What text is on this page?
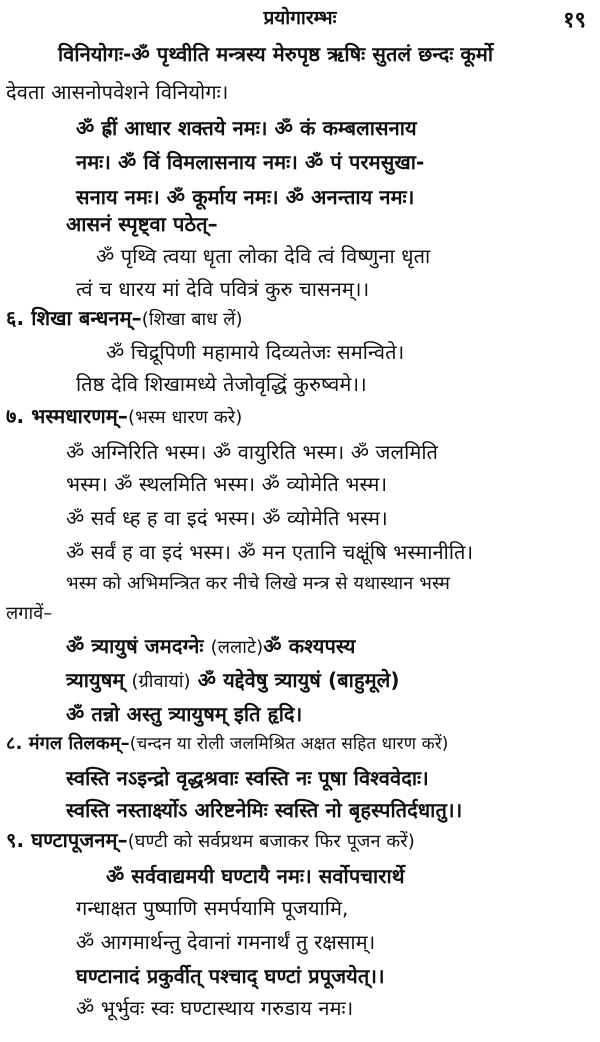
प्रयोगारम्भः	१९
विनियोगः-ॐ पृथ्वीति मन्त्रस्य मेरुपृष्ठ ऋषिः सुतलं छन्दः कूर्मो
देवता आसनोपवेशने विनियोगः।
ॐ ह्रीं आधार शक्तये नमः। ॐ कं कम्बलासनाय
नमः। ॐ विं विमलासनाय नमः। ॐ पं परमसुखा-
सनाय नमः। ॐ कूर्माय नमः। ॐ अनन्ताय नमः।
आसनं स्पृष्ट्वा पठेत्–
ॐ पृथ्वि त्वया धृता लोका देवि त्वं विष्णुना धृता
त्वं च धारय मां देवि पवित्रं कुरु चासनम्।।
६. शिखा बन्धनम्–(शिखा बाध लें)
ॐ चिद्रूपिणी महामाये दिव्यतेजः समन्विते।
तिष्ठ देवि शिखामध्ये तेजोवृद्धिं कुरुष्वमे।।
७. भस्मधारणम्–(भस्म धारण करे)
ॐ अग्निरिति भस्म। ॐ वायुरिति भस्म। ॐ जलमिति
भस्म। ॐ स्थलमिति भस्म। ॐ व्योमेति भस्म।
ॐ सर्व ध्ह ह वा इदं भस्म। ॐ व्योमेति भस्म।
ॐ सर्वं ह वा इदं भस्म। ॐ मन एतानि चक्षूंषि भस्मानीति।
भस्म को अभिमन्त्रित कर नीचे लिखे मन्त्र से यथास्थान भस्म
लगावें–
ॐ त्र्यायुषं जमदग्नेः (ललाटे)ॐ कश्यपस्य
त्र्यायुषम् (ग्रीवायां) ॐ यद्देवेषु त्र्यायुषं (बाहुमूले)
ॐ तन्नो अस्तु त्र्यायुषम् इति हृदि।
८. मंगल तिलकम्–(चन्दन या रोली जलमिश्रित अक्षत सहित धारण करें)
स्वस्ति नऽइन्द्रो वृद्धश्रवाः स्वस्ति नः पूषा विश्ववेदाः।
स्वस्ति नस्तार्क्ष्योऽ अरिष्टनेमिः स्वस्ति नो बृहस्पतिर्दधातु।।
९. घण्टापूजनम्–(घण्टी को सर्वप्रथम बजाकर फिर पूजन करें)
ॐ सर्ववाद्यमयी घण्टायै नमः। सर्वोपचारार्थे
गन्धाक्षत पुष्पाणि समर्पयामि पूजयामि,
ॐ आगमार्थन्तु देवानां गमनार्थं तु रक्षसाम्।
घण्टानादं प्रकुर्वीत् पश्चाद् घण्टां प्रपूजयेत्।।
ॐ भूर्भुवः स्वः घण्टास्थाय गरुडाय नमः।
